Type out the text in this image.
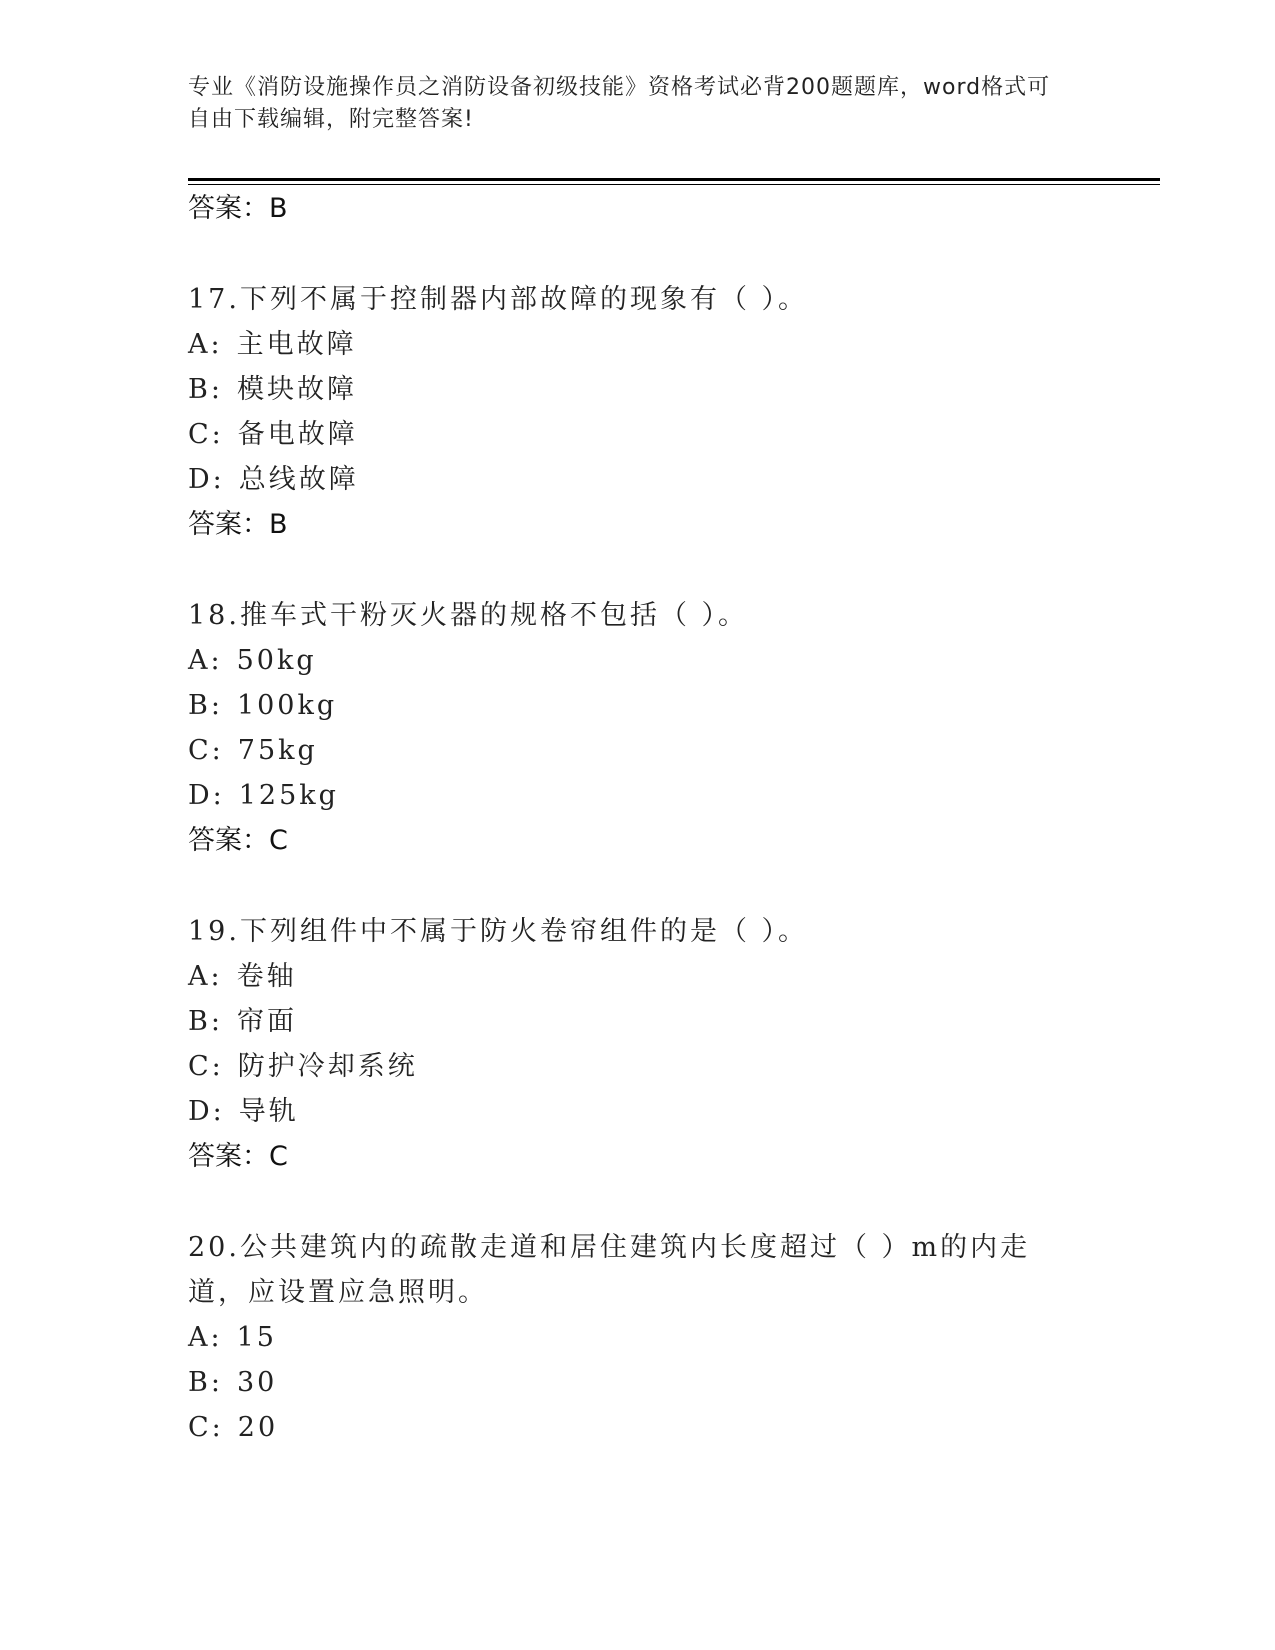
专业《消防设施操作员之消防设备初级技能》资格考试必背200题题库，word格式可自由下载编辑，附完整答案!
答案：B
17.下列不属于控制器内部故障的现象有（ ）。
A: 主电故障
B: 模块故障
C: 备电故障
D: 总线故障
答案：B
18.推车式干粉灭火器的规格不包括（ ）。
A: 50kg
B: 100kg
C: 75kg
D: 125kg
答案：C
19.下列组件中不属于防火卷帘组件的是（ ）。
A: 卷轴
B: 帘面
C: 防护冷却系统
D: 导轨
答案：C
20.公共建筑内的疏散走道和居住建筑内长度超过（ ）m的内走道，应设置应急照明。
A: 15
B: 30
C: 20
